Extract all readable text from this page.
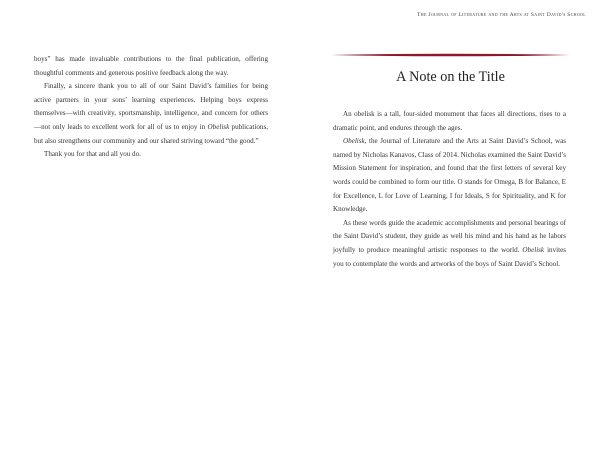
The Journal of Literature and the Arts at Saint David's School

boys” has made invaluable contributions to the final publication, offering thoughtful comments and generous positive feedback along the way.

Finally, a sincere thank you to all of our Saint David’s families for being active partners in your sons’ learning experiences. Helping boys express themselves—with creativity, sportsmanship, intelligence, and concern for others—not only leads to excellent work for all of us to enjoy in Obelisk publications, but also strengthens our community and our shared striving toward “the good.”

Thank you for that and all you do.

A Note on the Title

An obelisk is a tall, four-sided monument that faces all directions, rises to a dramatic point, and endures through the ages.

Obelisk, the Journal of Literature and the Arts at Saint David’s School, was named by Nicholas Kanavos, Class of 2014. Nicholas examined the Saint David’s Mission Statement for inspiration, and found that the first letters of several key words could be combined to form our title. O stands for Omega, B for Balance, E for Excellence, L for Love of Learning, I for Ideals, S for Spirituality, and K for Knowledge.

As these words guide the academic accomplishments and personal bearings of the Saint David’s student, they guide as well his mind and his hand as he labors joyfully to produce meaningful artistic responses to the world. Obelisk invites you to contemplate the words and artworks of the boys of Saint David’s School.
